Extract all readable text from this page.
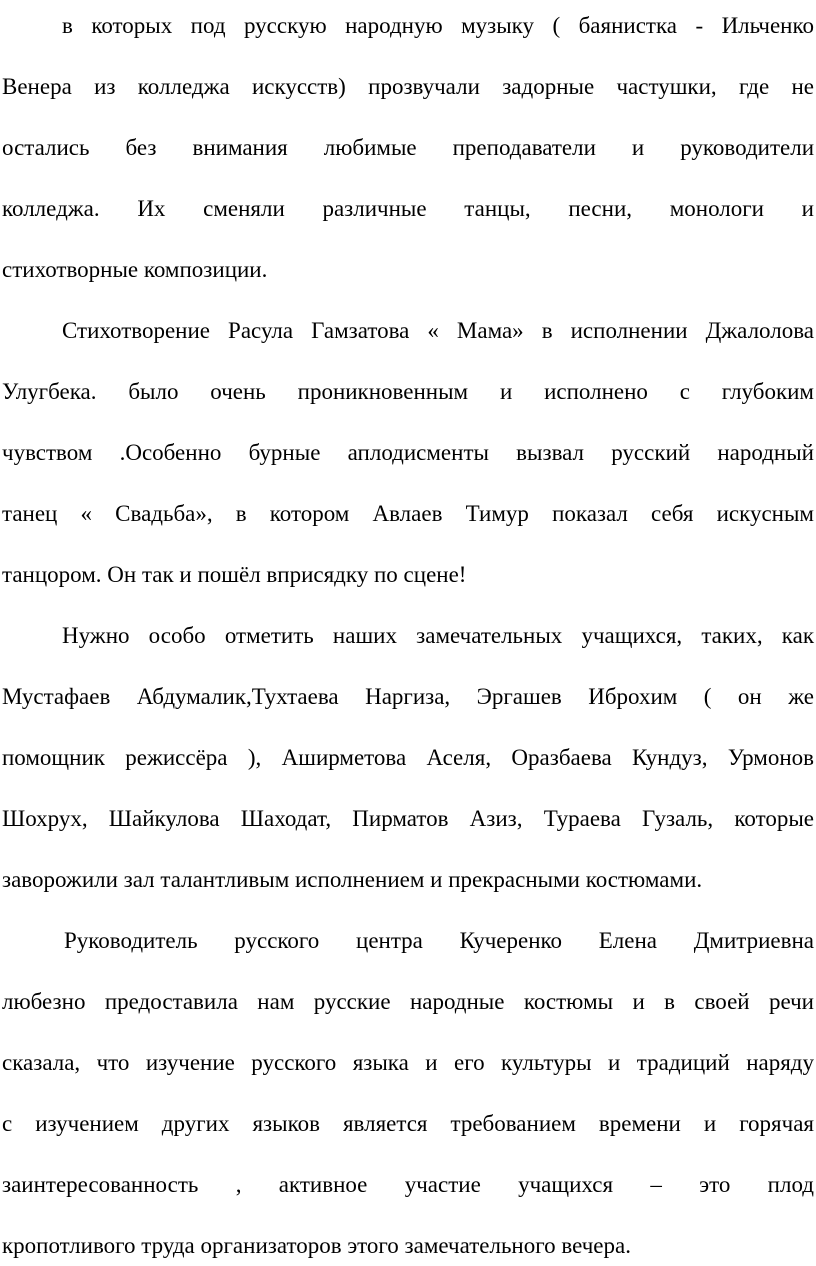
в которых под русскую народную музыку ( баянистка - Ильченко
Венера из колледжа искусств) прозвучали задорные частушки, где не
остались без внимания любимые преподаватели и руководители
колледжа. Их сменяли различные танцы, песни, монологи и
стихотворные композиции.
Стихотворение Расула Гамзатова « Мама» в исполнении Джалолова
Улугбека. было очень проникновенным и исполнено с глубоким
чувством .Особенно бурные аплодисменты вызвал русский народный
танец « Свадьба», в котором Авлаев Тимур показал себя искусным
танцором. Он так и пошёл вприсядку по сцене!
Нужно особо отметить наших замечательных учащихся, таких, как
Мустафаев Абдумалик,Тухтаева Наргиза, Эргашев Иброхим ( он же
помощник режиссёра ), Аширметова Аселя, Оразбаева Кундуз, Урмонов
Шохрух, Шайкулова Шаходат, Пирматов Азиз, Тураева Гузаль, которые
заворожили зал талантливым исполнением и прекрасными костюмами.
Руководитель русского центра Кучеренко Елена Дмитриевна
любезно предоставила нам русские народные костюмы и в своей речи
сказала, что изучение русского языка и его культуры и традиций наряду
с изучением других языков является требованием времени и горячая
заинтересованность , активное участие учащихся – это плод
кропотливого труда организаторов этого замечательного вечера.
